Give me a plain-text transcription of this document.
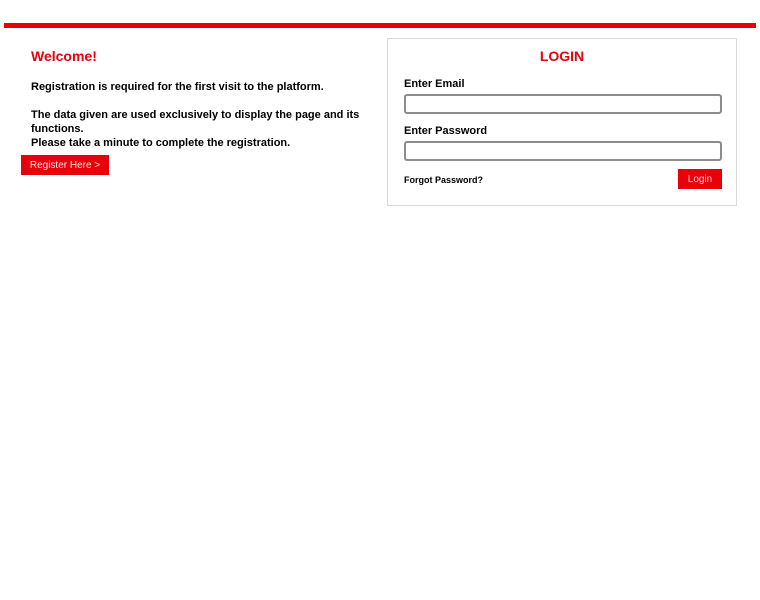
Welcome!

Registration is required for the first visit to the platform.

The data given are used exclusively to display the page and its functions.
Please take a minute to complete the registration.

Register Here >

LOGIN

Enter Email
Enter Password
Forgot Password?	Login
